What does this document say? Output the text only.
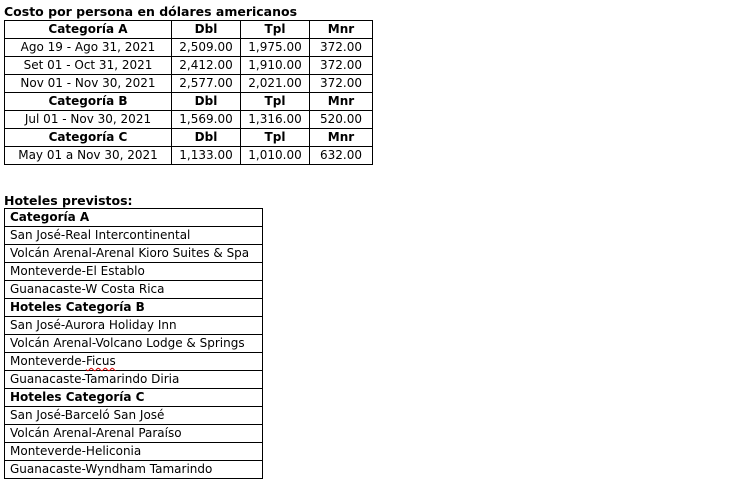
Costo por persona en dólares americanos
Categoría A	Dbl	Tpl	Mnr
Ago 19 - Ago 31, 2021	2,509.00	1,975.00	372.00
Set 01 - Oct 31, 2021	2,412.00	1,910.00	372.00
Nov 01 - Nov 30, 2021	2,577.00	2,021.00	372.00
Categoría B	Dbl	Tpl	Mnr
Jul 01 - Nov 30, 2021	1,569.00	1,316.00	520.00
Categoría C	Dbl	Tpl	Mnr
May 01 a Nov 30, 2021	1,133.00	1,010.00	632.00
Hoteles previstos:
Categoría A
San José-Real Intercontinental
Volcán Arenal-Arenal Kioro Suites & Spa
Monteverde-El Establo
Guanacaste-W Costa Rica
Hoteles Categoría B
San José-Aurora Holiday Inn
Volcán Arenal-Volcano Lodge & Springs
Monteverde-Ficus
Guanacaste-Tamarindo Diria
Hoteles Categoría C
San José-Barceló San José
Volcán Arenal-Arenal Paraíso
Monteverde-Heliconia
Guanacaste-Wyndham Tamarindo
